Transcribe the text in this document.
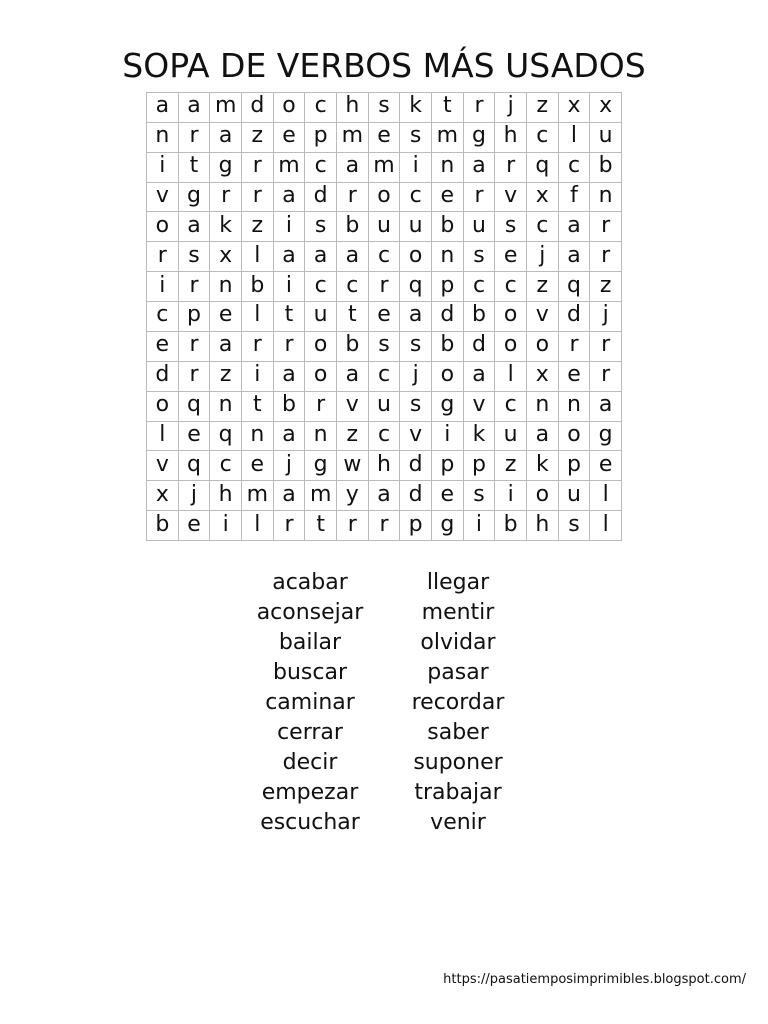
SOPA DE VERBOS MÁS USADOS
a a m d o c h s k t	r	j	z x x
n r a z e p m e s m g h c	l u
i	t g r m c a m i n a r q c b
v g r	r a d r o c e r v x f n
o a k z	i	s b u u b u s c a r
r s x	l a a a c o n s e j a r
i	r n b i	c c r q p c c z q z
c p e l	t u t e a d b o v d j
e r a r	r o b s s b d o o r	r
d r z	i a o a c	j o a l	x e r
o q n t b r v u s g v c n n a
l e q n a n z c v	i	k u a o g
v q c e j g w h d p p z k p e
x	j h m a m y a d e s	i o u l
b e i	l	r	t	r	r p g i b h s	l
acabar
aconsejar
bailar
buscar
caminar
cerrar
decir
empezar
escuchar
llegar
mentir
olvidar
pasar
recordar
saber
suponer
trabajar
venir
https://pasatiemposimprimibles.blogspot.com/
